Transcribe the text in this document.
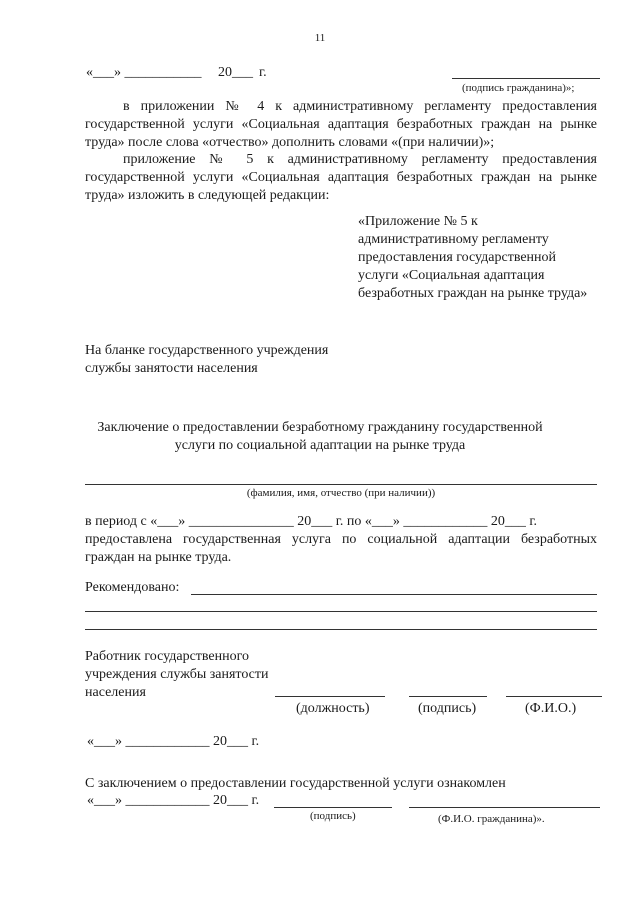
11
«___» ___________ 20___ г.
(подпись гражданина)»;
в приложении № 4 к административному регламенту предоставления государственной услуги «Социальная адаптация безработных граждан на рынке труда» после слова «отчество» дополнить словами «(при наличии)»;
приложение № 5 к административному регламенту предоставления государственной услуги «Социальная адаптация безработных граждан на рынке труда» изложить в следующей редакции:
«Приложение № 5 к административному регламенту предоставления государственной услуги «Социальная адаптация безработных граждан на рынке труда»
На бланке государственного учреждения службы занятости населения
Заключение о предоставлении безработному гражданину государственной услуги по социальной адаптации на рынке труда
(фамилия, имя, отчество (при наличии))
в период с «___» _______________ 20___ г. по «___» ____________ 20___ г.
предоставлена государственная услуга по социальной адаптации безработных граждан на рынке труда.
Рекомендовано:
Работник государственного учреждения службы занятости населения
(должность)	(подпись)	(Ф.И.О.)
«___» ____________ 20___ г.
С заключением о предоставлении государственной услуги ознакомлен
«___» ____________ 20___ г.
(подпись)	(Ф.И.О. гражданина)».
